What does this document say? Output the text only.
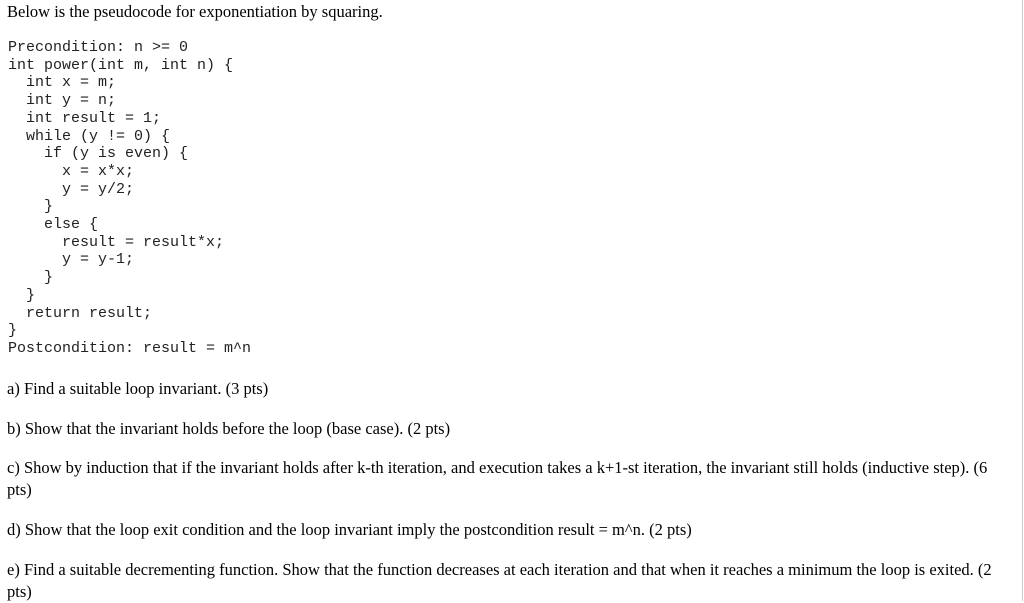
Below is the pseudocode for exponentiation by squaring.

Precondition: n >= 0
int power(int m, int n) {
int x = m;
int y = n;
int result = 1;
while (y != 0) {
if (y is even) {
x = x*x;
y = y/2;
}
else {
result = result*x;
y = y-1;
}
}
return result;
}
Postcondition: result = m^n

a) Find a suitable loop invariant. (3 pts)

b) Show that the invariant holds before the loop (base case). (2 pts)

c) Show by induction that if the invariant holds after k-th iteration, and execution takes a k+1-st iteration, the invariant still holds (inductive step). (6 pts)

d) Show that the loop exit condition and the loop invariant imply the postcondition result = m^n. (2 pts)

e) Find a suitable decrementing function. Show that the function decreases at each iteration and that when it reaches a minimum the loop is exited. (2 pts)
